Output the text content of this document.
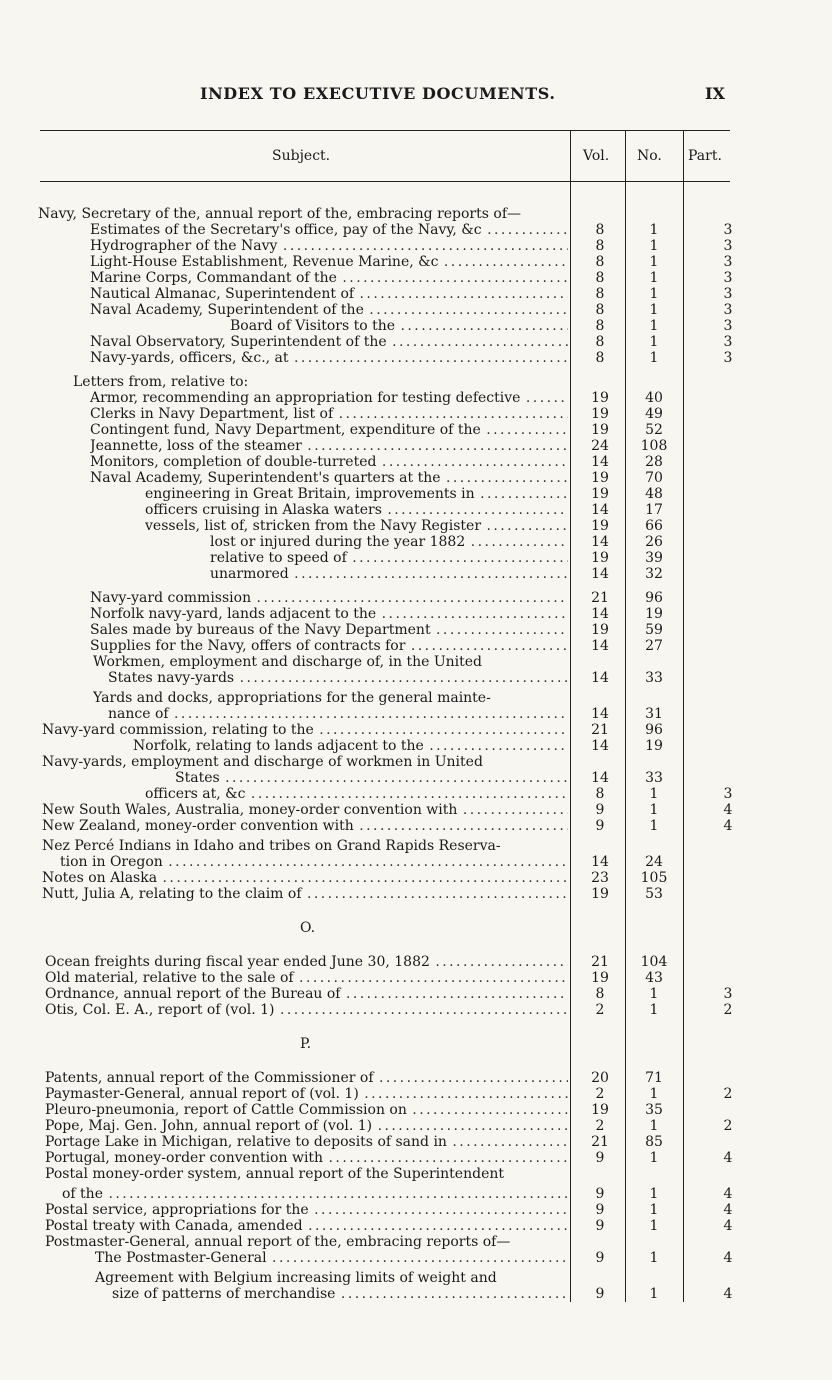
INDEX TO EXECUTIVE DOCUMENTS.	IX
Subject.	Vol. No. Part.
Navy, Secretary of the, annual report of the, embracing reports of—
Estimates of the Secretary's office, pay of the Navy, &c . . .	8	1	3
Hydrographer of the Navy . . .	8	1	3
Light-House Establishment, Revenue Marine, &c . . .	8	1	3
Marine Corps, Commandant of the . . .	8	1	3
Nautical Almanac, Superintendent of . . .	8	1	3
Naval Academy, Superintendent of the . . .	8	1	3
Board of Visitors to the . . .	8	1	3
Naval Observatory, Superintendent of the . . .	8	1	3
Navy-yards, officers, &c., at . . .	8	1	3
Letters from, relative to:
Armor, recommending an appropriation for testing defective . . .	19	40
Clerks in Navy Department, list of . . .	19	49
Contingent fund, Navy Department, expenditure of the . . .	19	52
Jeannette, loss of the steamer . . .	24	108
Monitors, completion of double-turreted . . .	14	28
Naval Academy, Superintendent's quarters at the . . .	19	70
engineering in Great Britain, improvements in . . .	19	48
officers cruising in Alaska waters . . .	14	17
vessels, list of, stricken from the Navy Register . . .	19	66
lost or injured during the year 1882 . . .	14	26
relative to speed of . . .	19	39
unarmored . . .	14	32
Navy-yard commission . . .	21	96
Norfolk navy-yard, lands adjacent to the . . .	14	19
Sales made by bureaus of the Navy Department . . .	19	59
Supplies for the Navy, offers of contracts for . . .	14	27
Workmen, employment and discharge of, in the United
States navy-yards . . .	14	33
Yards and docks, appropriations for the general mainte-
nance of . . .	14	31
Navy-yard commission, relating to the . . .	21	96
Norfolk, relating to lands adjacent to the . . .	14	19
Navy-yards, employment and discharge of workmen in United
States . . .	14	33
officers at, &c . . .	8	1	3
New South Wales, Australia, money-order convention with . . .	9	1	4
New Zealand, money-order convention with . . .	9	1	4
Nez Percé Indians in Idaho and tribes on Grand Rapids Reserva-
tion in Oregon . . .	14	24
Notes on Alaska . . .	23	105
Nutt, Julia A, relating to the claim of . . .	19	53
Ocean freights during fiscal year ended June 30, 1882 . . .	21	104
Old material, relative to the sale of . . .	19	43
Ordnance, annual report of the Bureau of . . .	8	1	3
Otis, Col. E. A., report of (vol. 1) . . .	2	1	2
Patents, annual report of the Commissioner of . . .	20	71
Paymaster-General, annual report of (vol. 1) . . .	2	1	2
Pleuro-pneumonia, report of Cattle Commission on . . .	19	35
Pope, Maj. Gen. John, annual report of (vol. 1) . . .	2	1	2
Portage Lake in Michigan, relative to deposits of sand in . . .	21	85
Portugal, money-order convention with . . .	9	1	4
Postal money-order system, annual report of the Superintendent
of the . . .	9	1	4
Postal service, appropriations for the . . .	9	1	4
Postal treaty with Canada, amended . . .	9	1	4
Postmaster-General, annual report of the, embracing reports of—
The Postmaster-General . . .	9	1	4
Agreement with Belgium increasing limits of weight and
size of patterns of merchandise . . .	9	1	4
O.
P.
